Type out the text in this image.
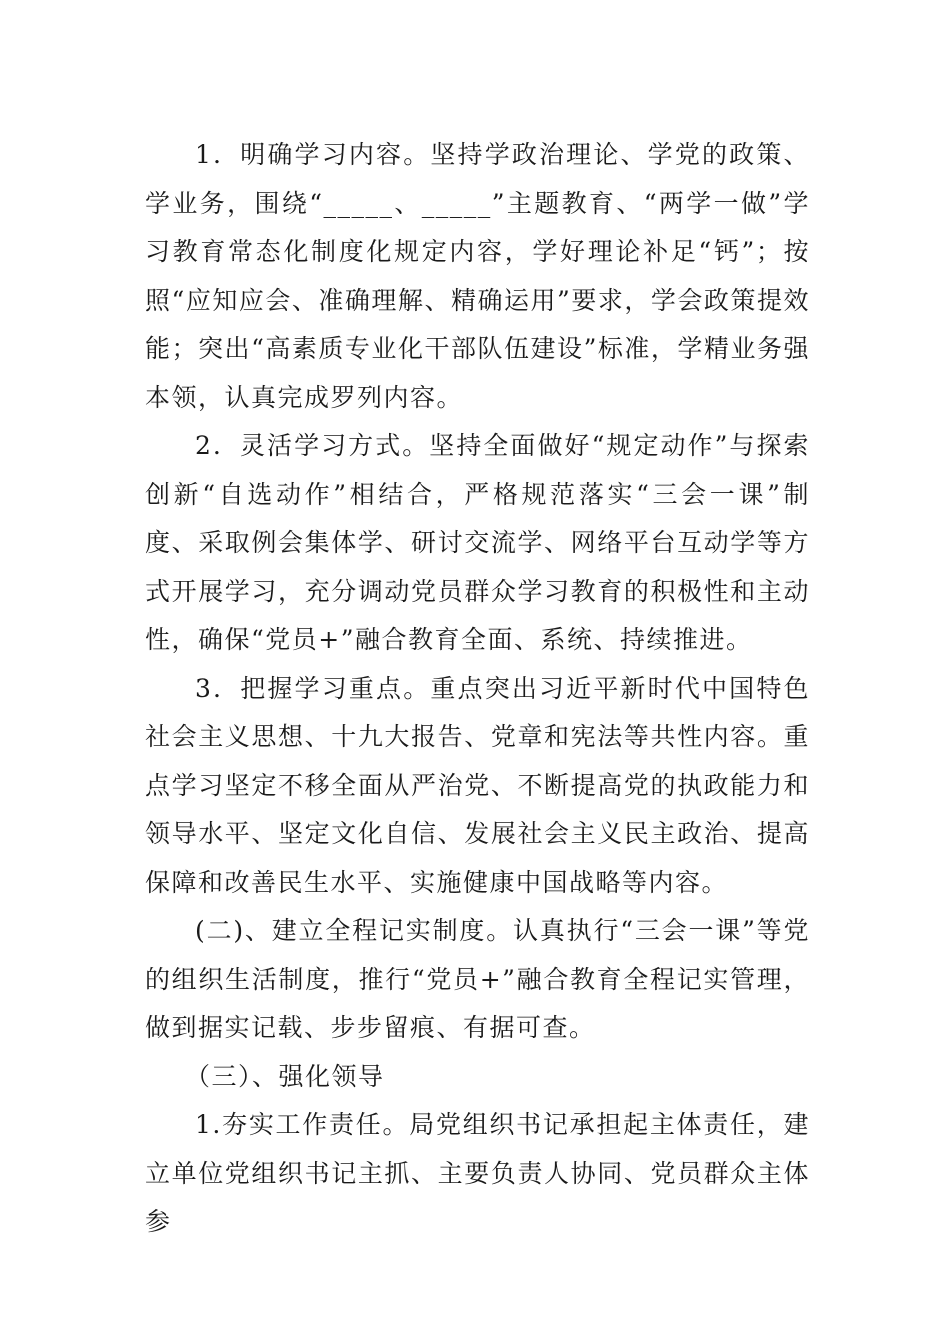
1．明确学习内容。坚持学政治理论、学党的政策、学业务，围绕“_____、_____”主题教育、“两学一做”学习教育常态化制度化规定内容，学好理论补足“钙”；按照“应知应会、准确理解、精确运用”要求，学会政策提效能；突出“高素质专业化干部队伍建设”标准，学精业务强本领，认真完成罗列内容。

2．灵活学习方式。坚持全面做好“规定动作”与探索创新“自选动作”相结合，严格规范落实“三会一课”制度、采取例会集体学、研讨交流学、网络平台互动学等方式开展学习，充分调动党员群众学习教育的积极性和主动性，确保“党员+”融合教育全面、系统、持续推进。

3．把握学习重点。重点突出习近平新时代中国特色社会主义思想、十九大报告、党章和宪法等共性内容。重点学习坚定不移全面从严治党、不断提高党的执政能力和领导水平、坚定文化自信、发展社会主义民主政治、提高保障和改善民生水平、实施健康中国战略等内容。

(二)、建立全程记实制度。认真执行“三会一课”等党的组织生活制度，推行“党员+”融合教育全程记实管理，做到据实记载、步步留痕、有据可查。

（三）、强化领导

1.夯实工作责任。局党组织书记承担起主体责任，建立单位党组织书记主抓、主要负责人协同、党员群众主体参
